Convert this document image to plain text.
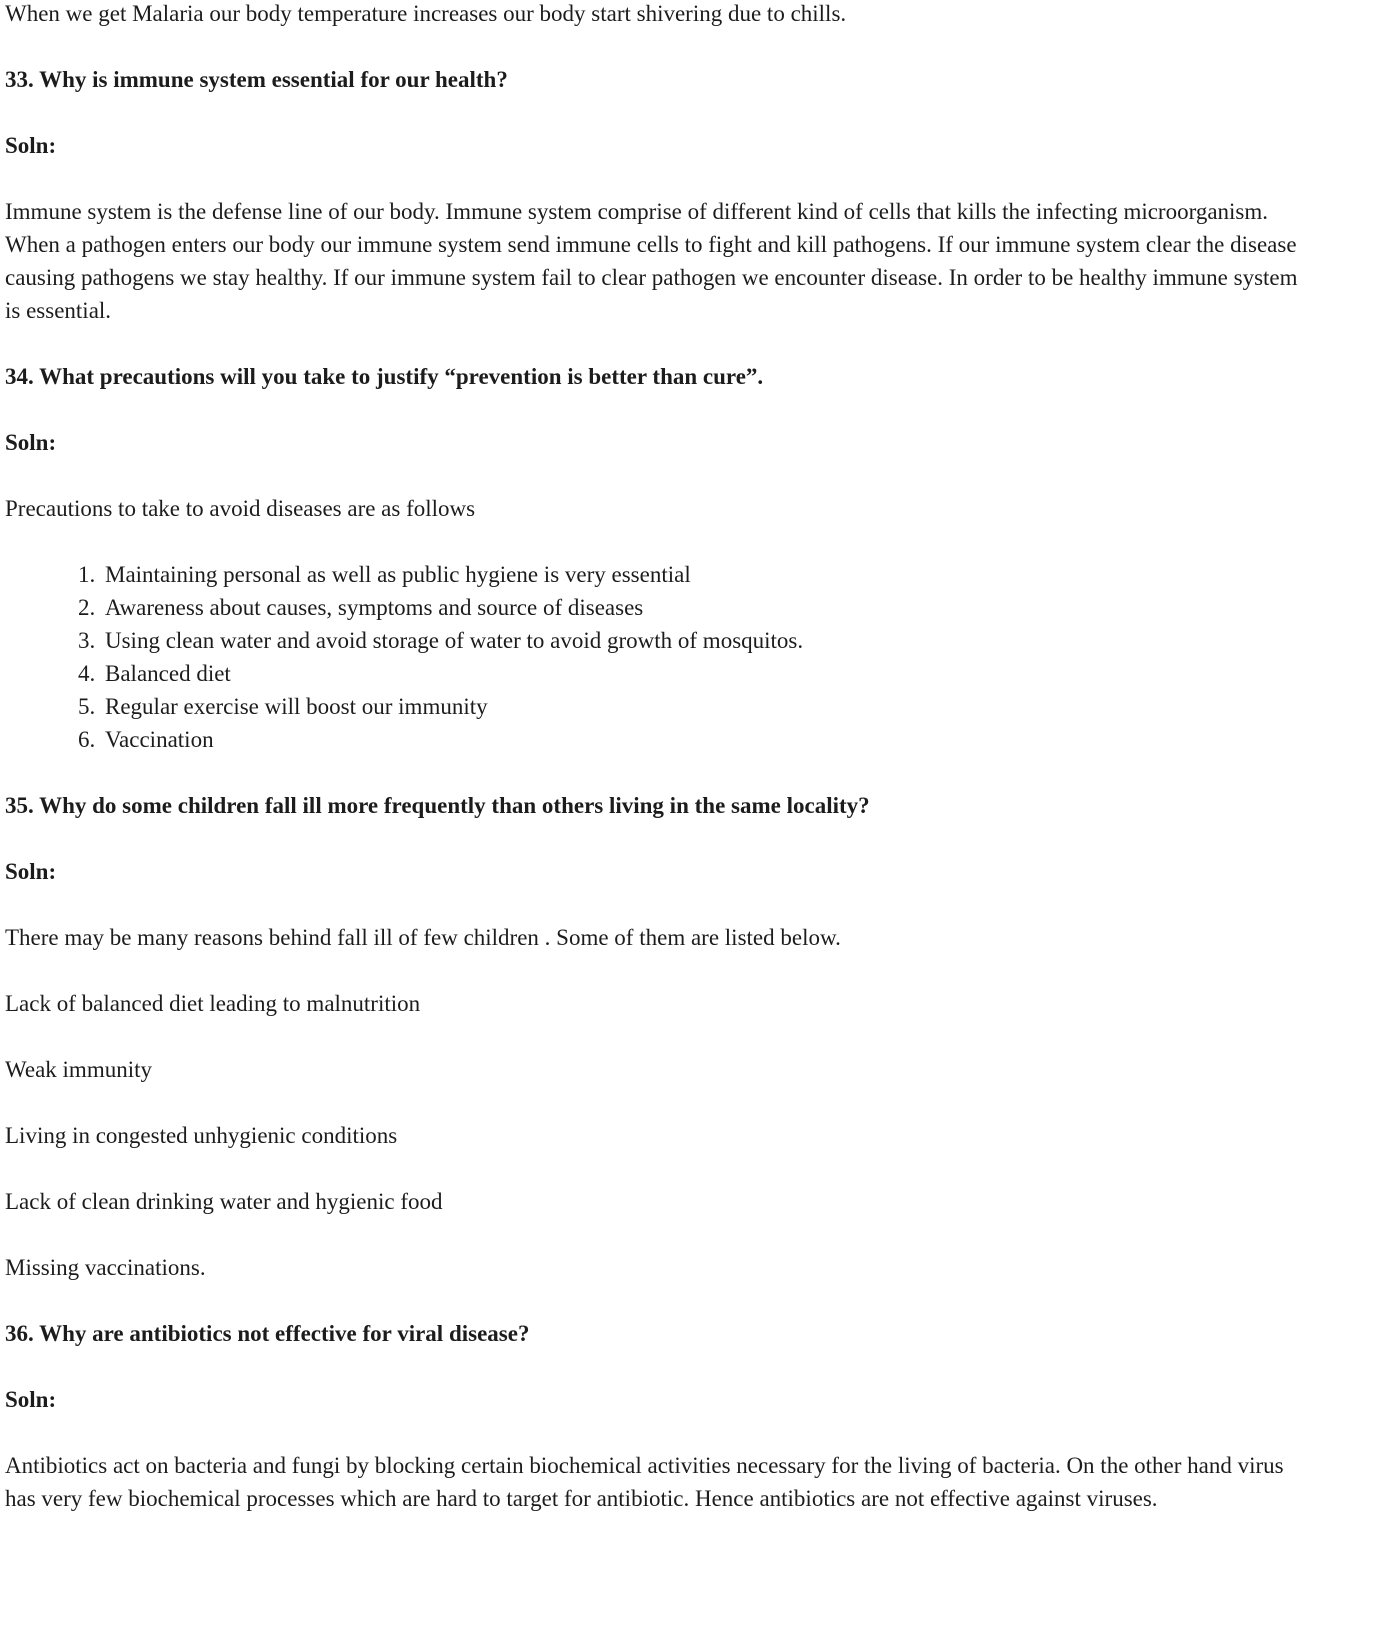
When we get Malaria our body temperature increases our body start shivering due to chills.

33. Why is immune system essential for our health?

Soln:

Immune system is the defense line of our body. Immune system comprise of different kind of cells that kills the infecting microorganism. When a pathogen enters our body our immune system send immune cells to fight and kill pathogens. If our immune system clear the disease causing pathogens we stay healthy. If our immune system fail to clear pathogen we encounter disease. In order to be healthy immune system is essential.

34. What precautions will you take to justify “prevention is better than cure”.

Soln:

Precautions to take to avoid diseases are as follows

1. Maintaining personal as well as public hygiene is very essential
2. Awareness about causes, symptoms and source of diseases
3. Using clean water and avoid storage of water to avoid growth of mosquitos.
4. Balanced diet
5. Regular exercise will boost our immunity
6. Vaccination

35. Why do some children fall ill more frequently than others living in the same locality?

Soln:

There may be many reasons behind fall ill of few children . Some of them are listed below.

Lack of balanced diet leading to malnutrition

Weak immunity

Living in congested unhygienic conditions

Lack of clean drinking water and hygienic food

Missing vaccinations.

36. Why are antibiotics not effective for viral disease?

Soln:

Antibiotics act on bacteria and fungi by blocking certain biochemical activities necessary for the living of bacteria. On the other hand virus has very few biochemical processes which are hard to target for antibiotic. Hence antibiotics are not effective against viruses.
